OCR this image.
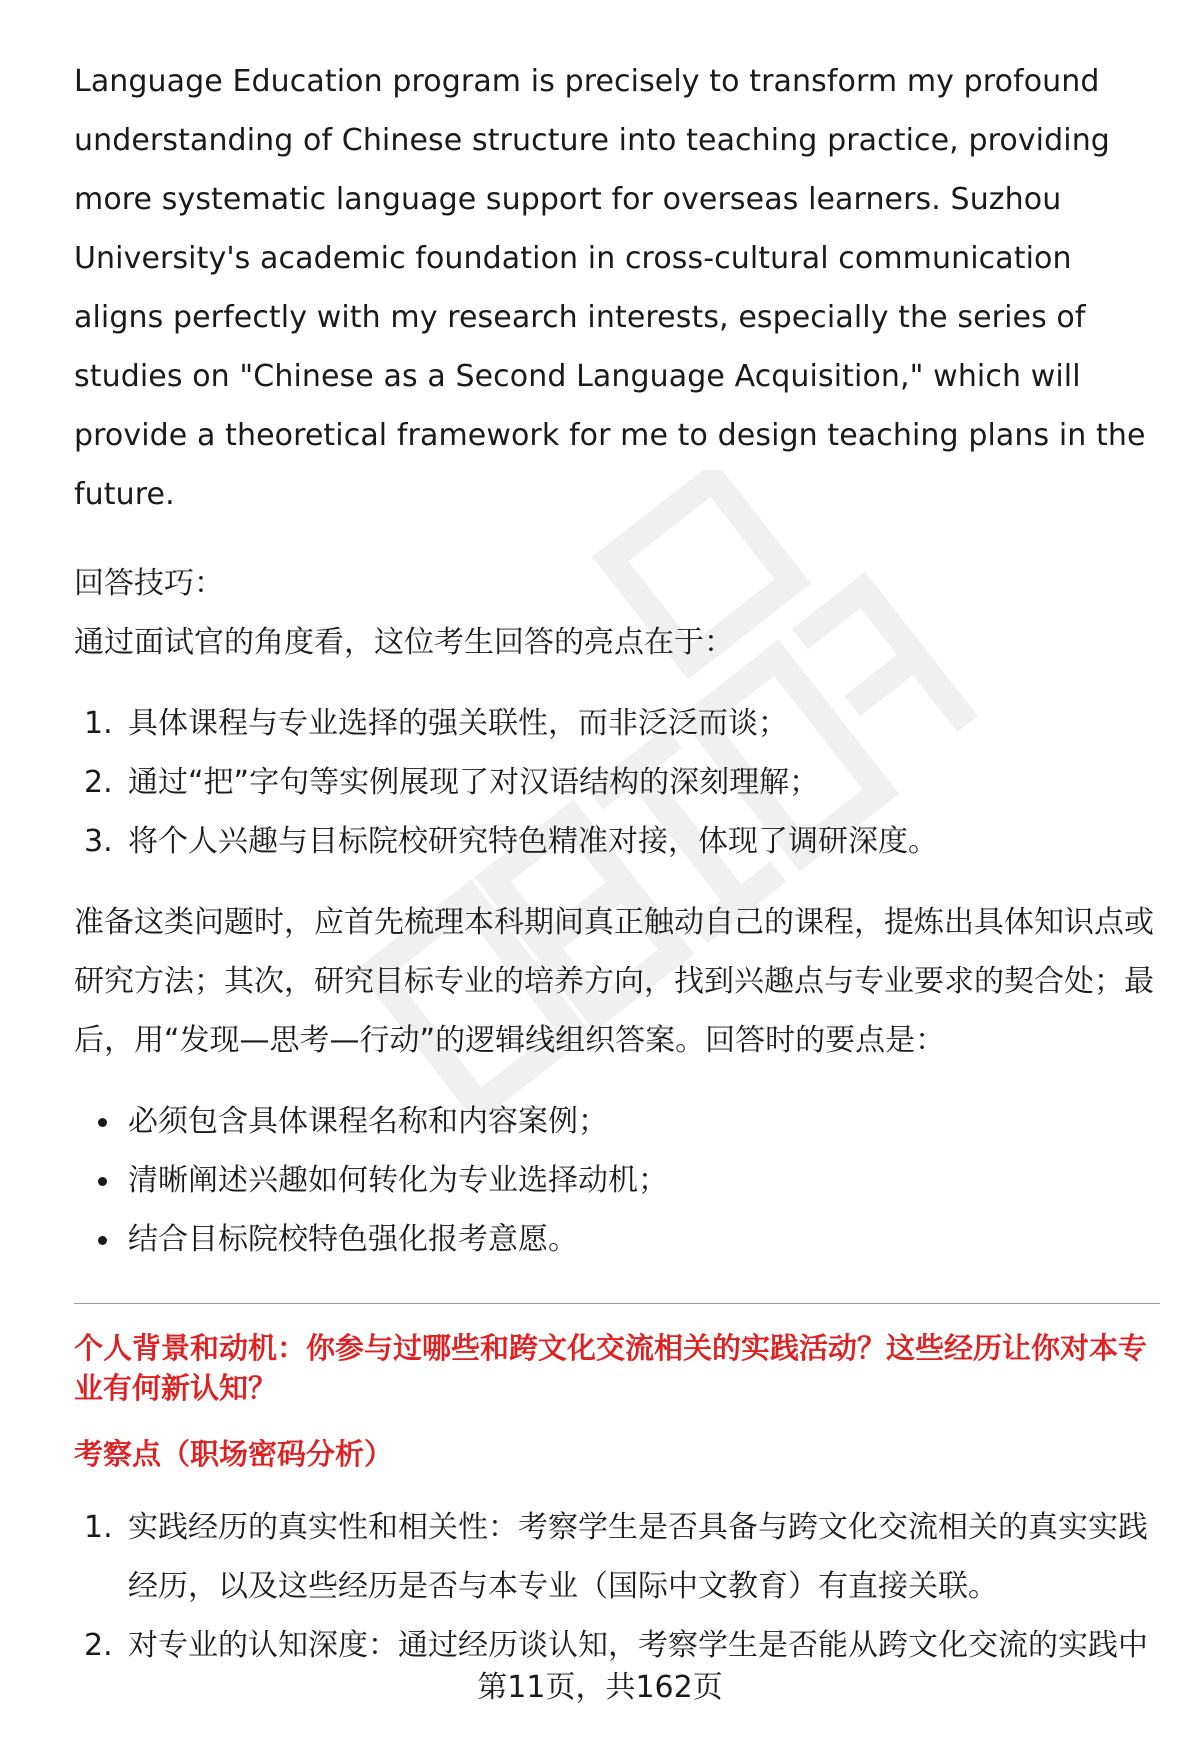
Language Education program is precisely to transform my profound understanding of Chinese structure into teaching practice, providing more systematic language support for overseas learners. Suzhou University's academic foundation in cross-cultural communication aligns perfectly with my research interests, especially the series of studies on "Chinese as a Second Language Acquisition," which will provide a theoretical framework for me to design teaching plans in the future.

回答技巧：

通过面试官的角度看，这位考生回答的亮点在于：

1. 具体课程与专业选择的强关联性，而非泛泛而谈；
2. 通过“把”字句等实例展现了对汉语结构的深刻理解；
3. 将个人兴趣与目标院校研究特色精准对接，体现了调研深度。

准备这类问题时，应首先梳理本科期间真正触动自己的课程，提炼出具体知识点或研究方法；其次，研究目标专业的培养方向，找到兴趣点与专业要求的契合处；最后，用“发现—思考—行动”的逻辑线组织答案。回答时的要点是：

必须包含具体课程名称和内容案例；
清晰阐述兴趣如何转化为专业选择动机；
结合目标院校特色强化报考意愿。

个人背景和动机：你参与过哪些和跨文化交流相关的实践活动？这些经历让你对本专业有何新认知？

考察点（职场密码分析）

1. 实践经历的真实性和相关性：考察学生是否具备与跨文化交流相关的真实实践经历，以及这些经历是否与本专业（国际中文教育）有直接关联。
2. 对专业的认知深度：通过经历谈认知，考察学生是否能从跨文化交流的实践中
第11页，共162页
